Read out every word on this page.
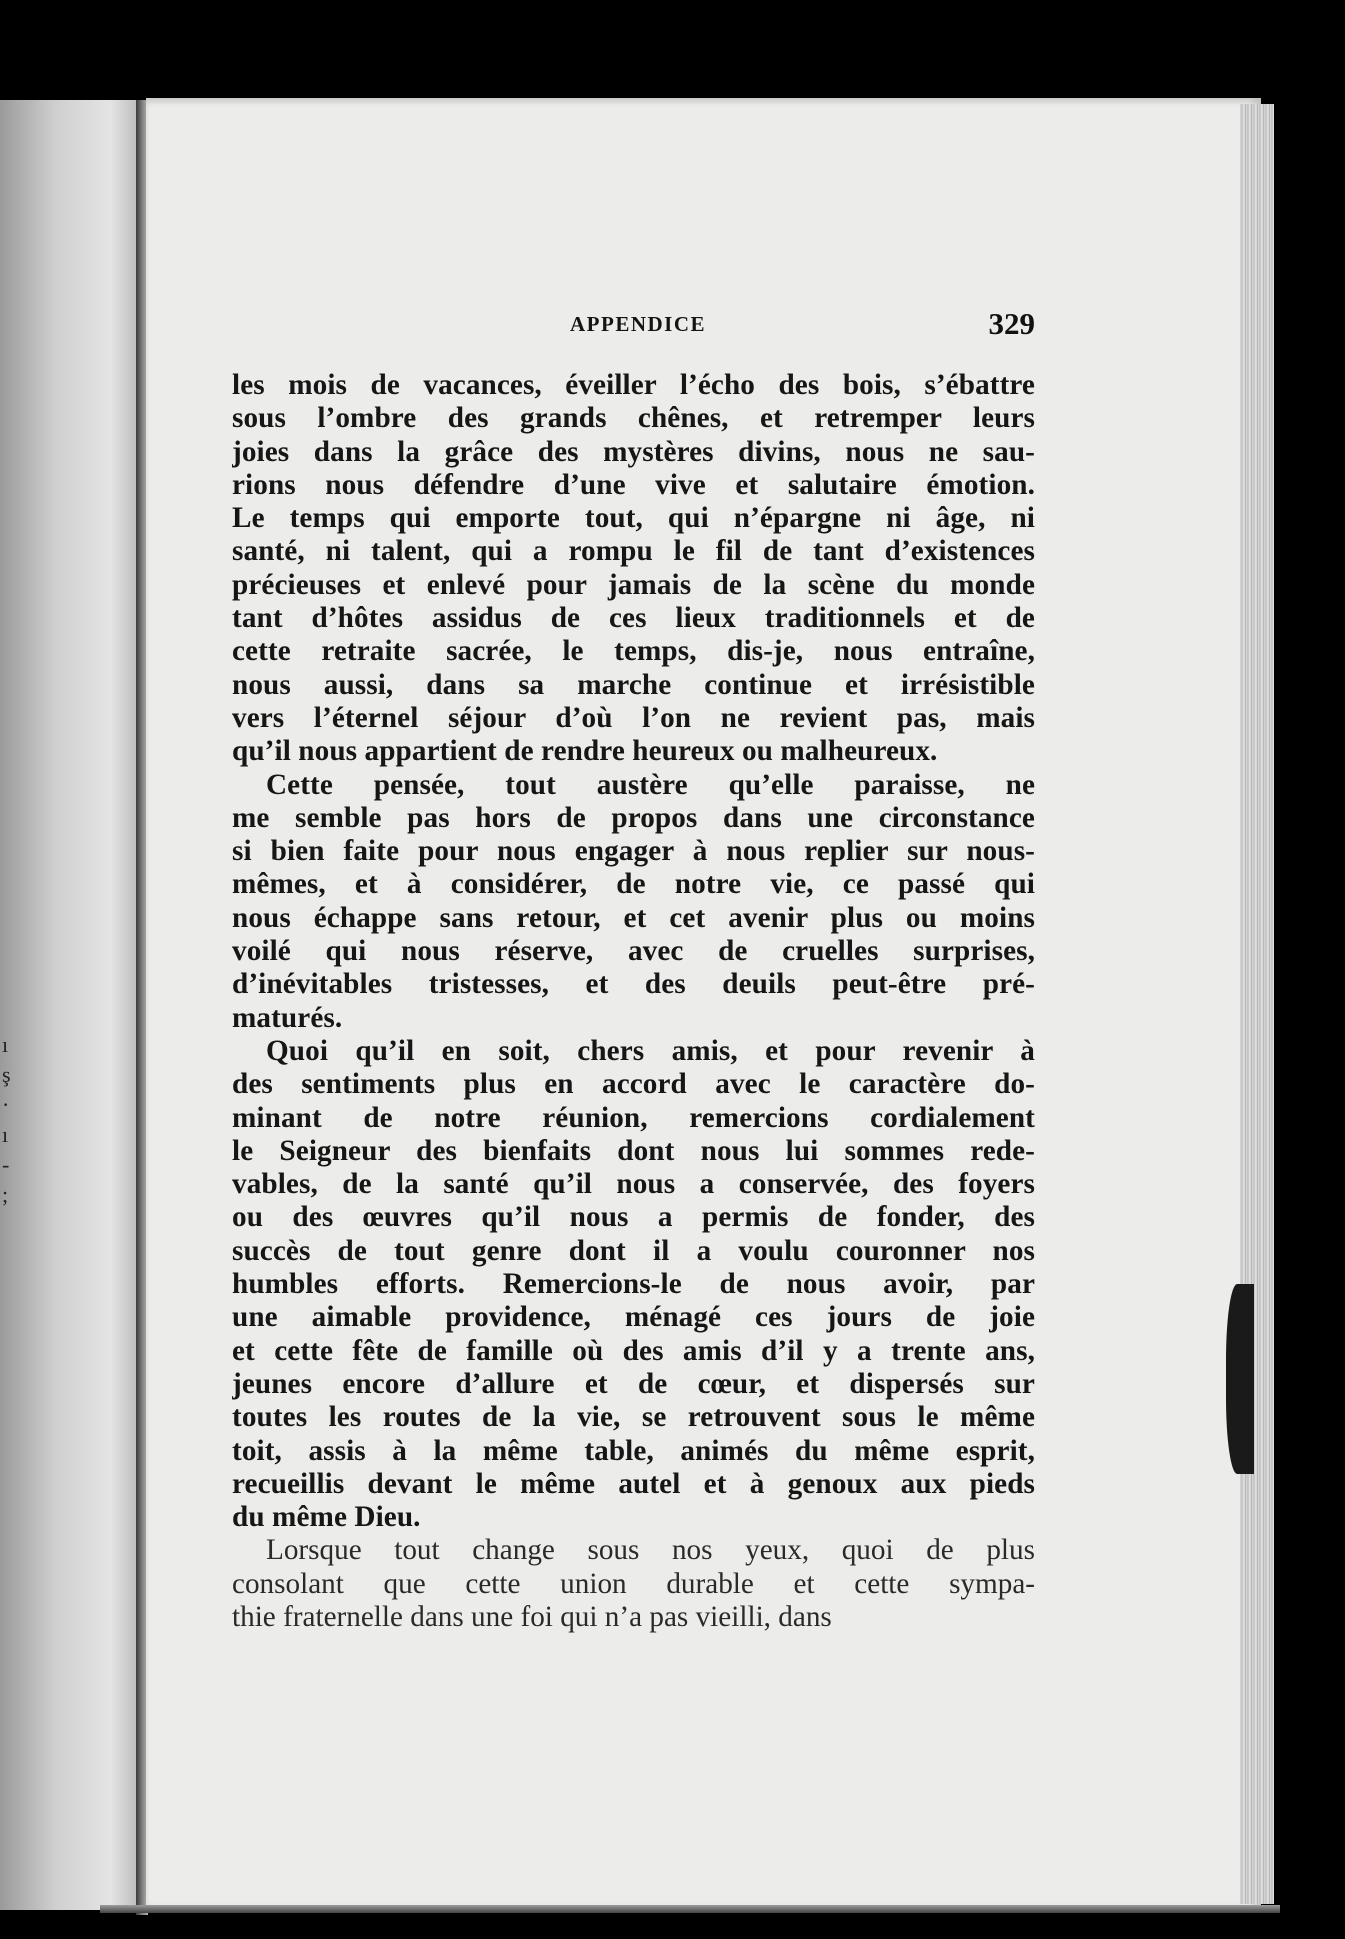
ı
ş
·
ı
-
;
APPENDICE	329
les mois de vacances, éveiller l’écho des bois, s’ébattre
sous l’ombre des grands chênes, et retremper leurs
joies dans la grâce des mystères divins, nous ne sau-
rions nous défendre d’une vive et salutaire émotion.
Le temps qui emporte tout, qui n’épargne ni âge, ni
santé, ni talent, qui a rompu le fil de tant d’existences
précieuses et enlevé pour jamais de la scène du monde
tant d’hôtes assidus de ces lieux traditionnels et de
cette retraite sacrée, le temps, dis-je, nous entraîne,
nous aussi, dans sa marche continue et irrésistible
vers l’éternel séjour d’où l’on ne revient pas, mais
qu’il nous appartient de rendre heureux ou malheureux.
Cette pensée, tout austère qu’elle paraisse, ne
me semble pas hors de propos dans une circonstance
si bien faite pour nous engager à nous replier sur nous-
mêmes, et à considérer, de notre vie, ce passé qui
nous échappe sans retour, et cet avenir plus ou moins
voilé qui nous réserve, avec de cruelles surprises,
d’inévitables tristesses, et des deuils peut-être pré-
maturés.
Quoi qu’il en soit, chers amis, et pour revenir à
des sentiments plus en accord avec le caractère do-
minant de notre réunion, remercions cordialement
le Seigneur des bienfaits dont nous lui sommes rede-
vables, de la santé qu’il nous a conservée, des foyers
ou des œuvres qu’il nous a permis de fonder, des
succès de tout genre dont il a voulu couronner nos
humbles efforts. Remercions-le de nous avoir, par
une aimable providence, ménagé ces jours de joie
et cette fête de famille où des amis d’il y a trente ans,
jeunes encore d’allure et de cœur, et dispersés sur
toutes les routes de la vie, se retrouvent sous le même
toit, assis à la même table, animés du même esprit,
recueillis devant le même autel et à genoux aux pieds
du même Dieu.
Lorsque tout change sous nos yeux, quoi de plus
consolant que cette union durable et cette sympa-
thie fraternelle dans une foi qui n’a pas vieilli, dans
